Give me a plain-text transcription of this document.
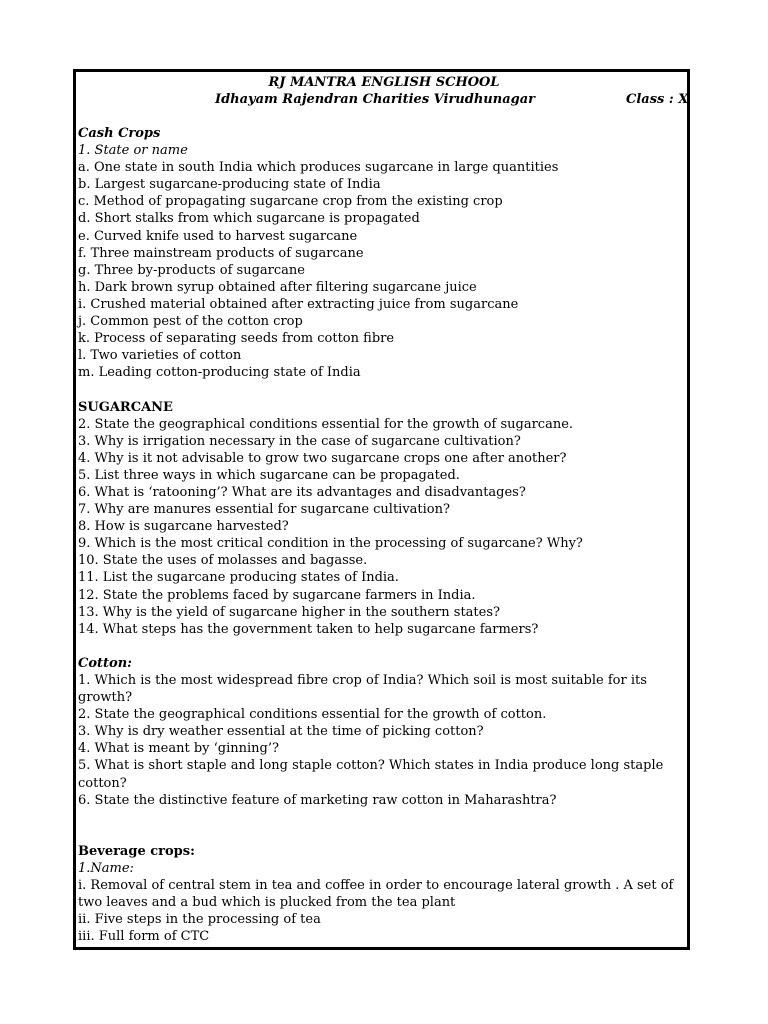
RJ MANTRA ENGLISH SCHOOL
Idhayam Rajendran Charities Virudhunagar	Class : X
Cash Crops
1. State or name
a. One state in south India which produces sugarcane in large quantities
b. Largest sugarcane-producing state of India
c. Method of propagating sugarcane crop from the existing crop
d. Short stalks from which sugarcane is propagated
e. Curved knife used to harvest sugarcane
f. Three mainstream products of sugarcane
g. Three by-products of sugarcane
h. Dark brown syrup obtained after filtering sugarcane juice
i. Crushed material obtained after extracting juice from sugarcane
j. Common pest of the cotton crop
k. Process of separating seeds from cotton fibre
l. Two varieties of cotton
m. Leading cotton-producing state of India
SUGARCANE
2. State the geographical conditions essential for the growth of sugarcane.
3. Why is irrigation necessary in the case of sugarcane cultivation?
4. Why is it not advisable to grow two sugarcane crops one after another?
5. List three ways in which sugarcane can be propagated.
6. What is ‘ratooning’? What are its advantages and disadvantages?
7. Why are manures essential for sugarcane cultivation?
8. How is sugarcane harvested?
9. Which is the most critical condition in the processing of sugarcane? Why?
10. State the uses of molasses and bagasse.
11. List the sugarcane producing states of India.
12. State the problems faced by sugarcane farmers in India.
13. Why is the yield of sugarcane higher in the southern states?
14. What steps has the government taken to help sugarcane farmers?
Cotton:
1. Which is the most widespread fibre crop of India? Which soil is most suitable for its growth?
2. State the geographical conditions essential for the growth of cotton.
3. Why is dry weather essential at the time of picking cotton?
4. What is meant by ‘ginning’?
5. What is short staple and long staple cotton? Which states in India produce long staple cotton?
6. State the distinctive feature of marketing raw cotton in Maharashtra?
Beverage crops:
1.Name:
i. Removal of central stem in tea and coffee in order to encourage lateral growth . A set of two leaves and a bud which is plucked from the tea plant
ii. Five steps in the processing of tea
iii. Full form of CTC
